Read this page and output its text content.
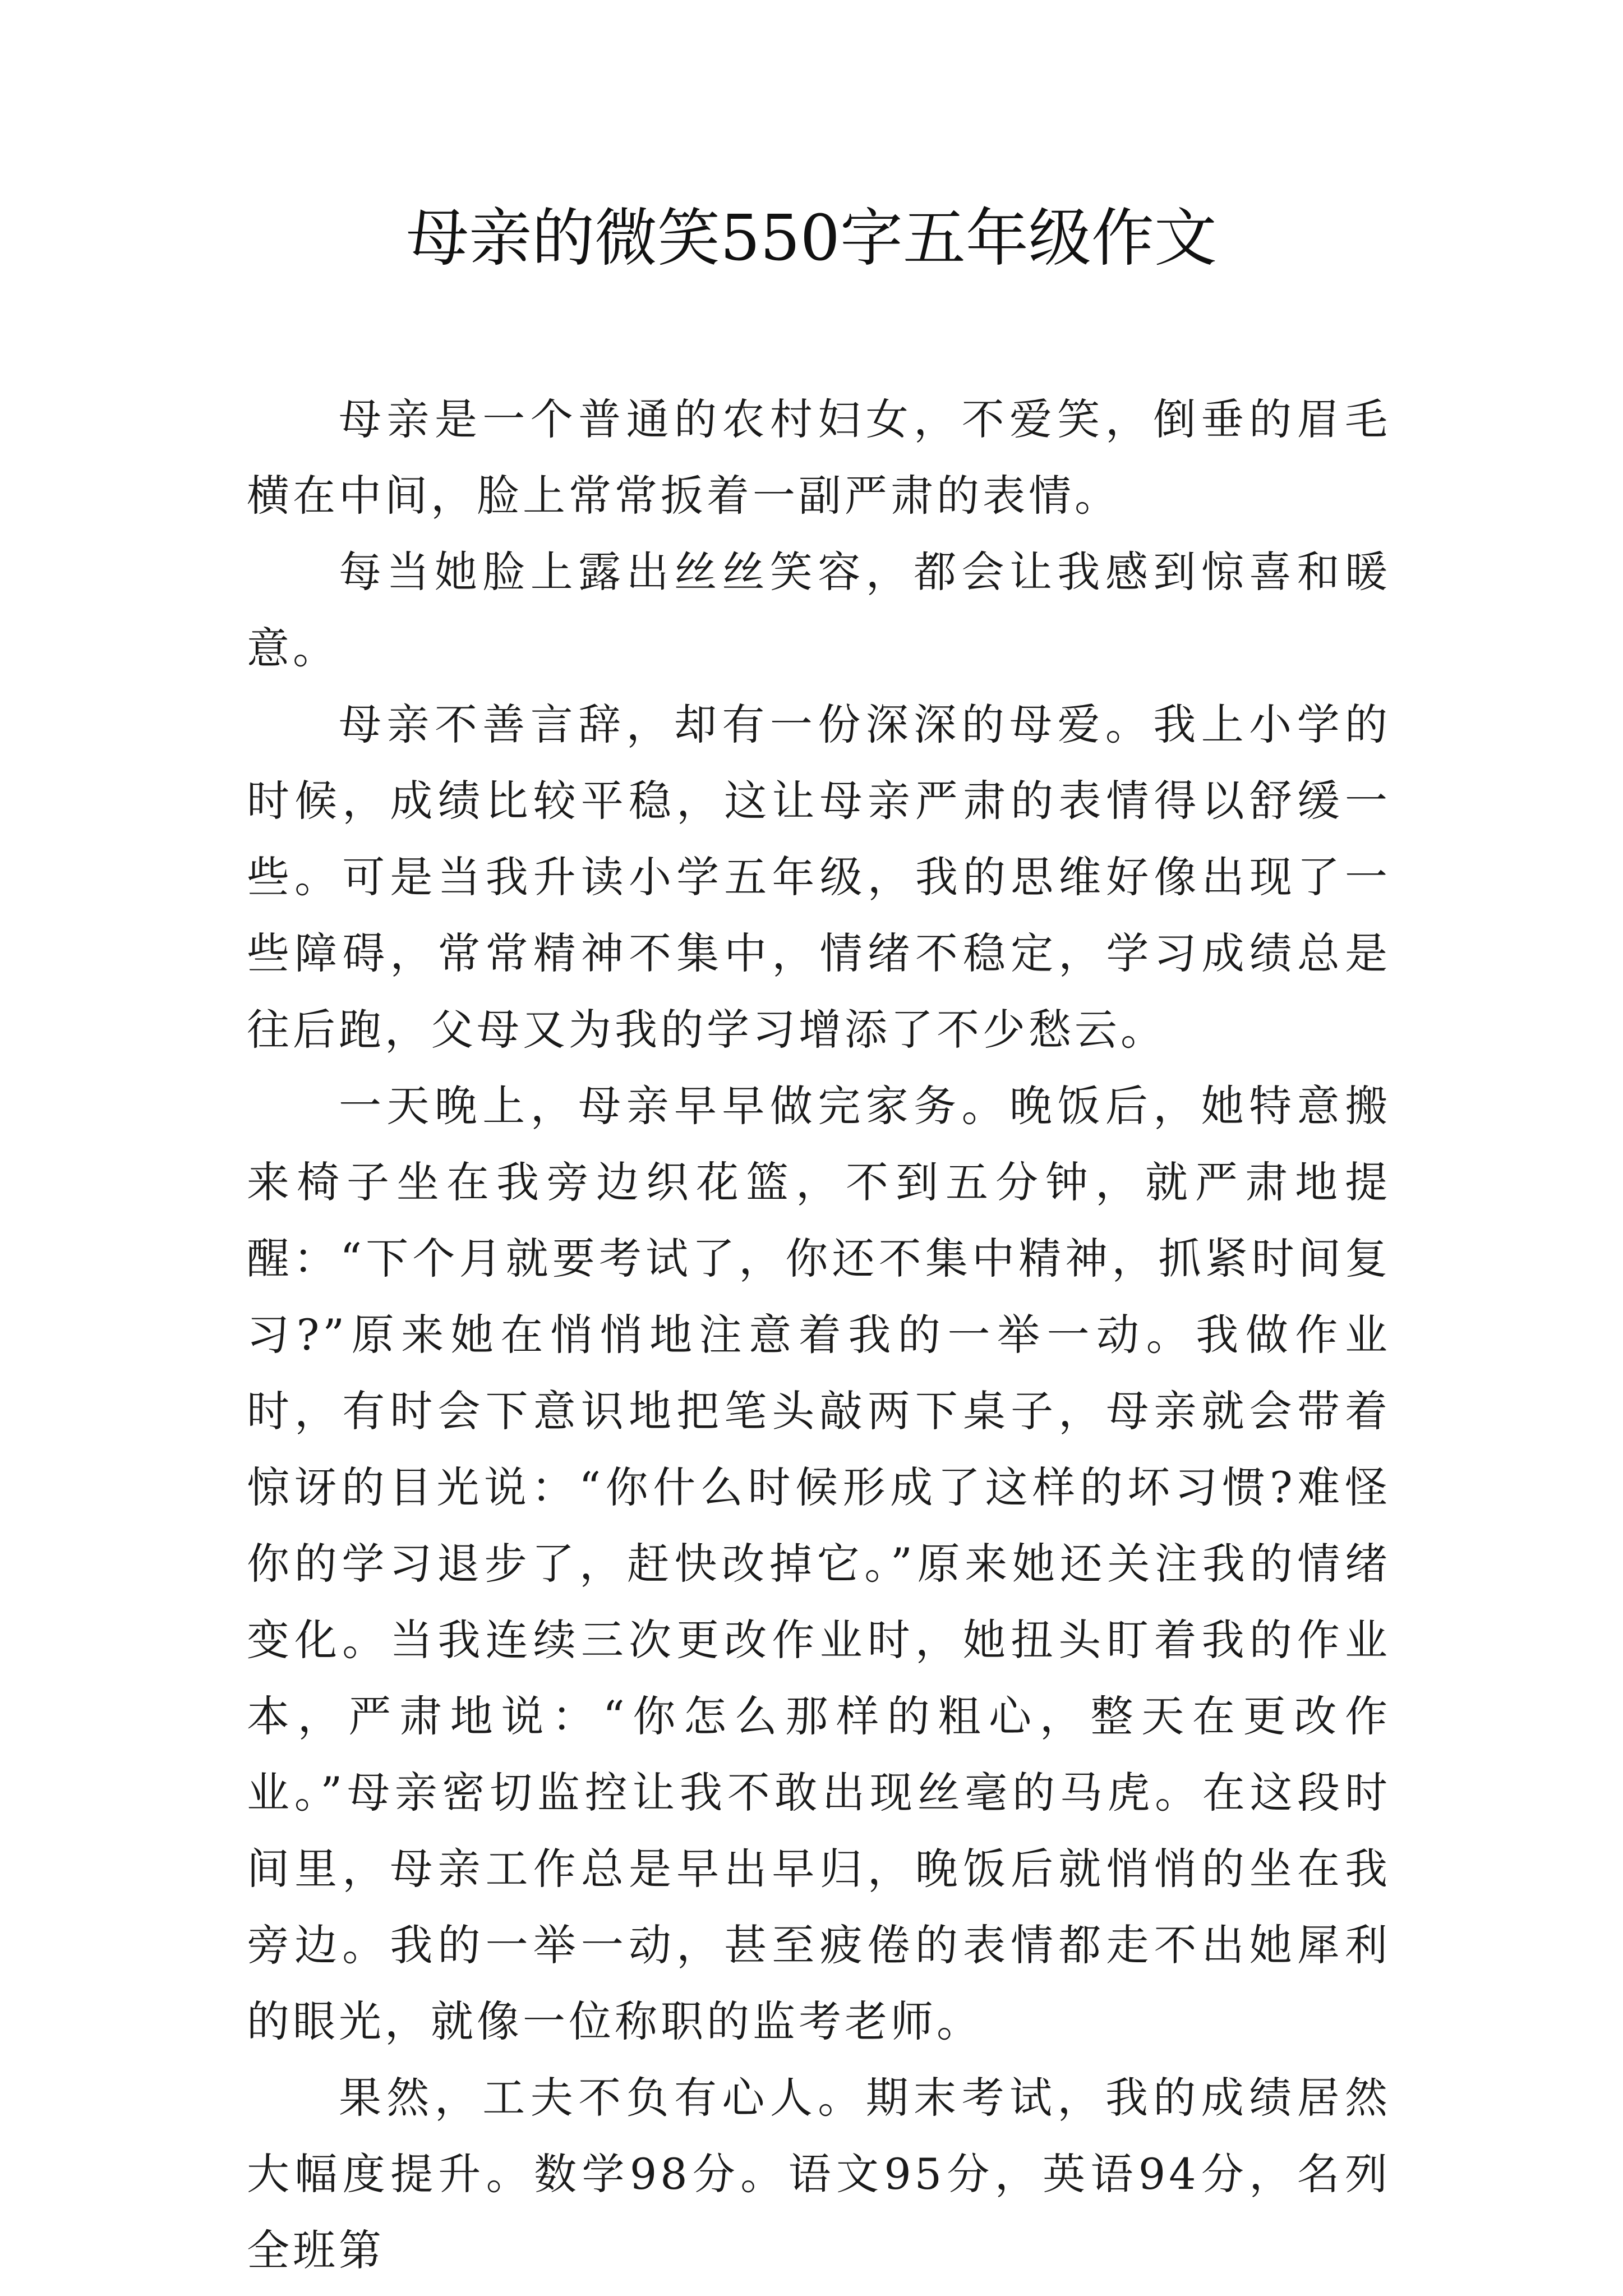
母亲的微笑550字五年级作文

母亲是一个普通的农村妇女，不爱笑，倒垂的眉毛横在中间，脸上常常扳着一副严肃的表情。

每当她脸上露出丝丝笑容，都会让我感到惊喜和暖意。

母亲不善言辞，却有一份深深的母爱。我上小学的时候，成绩比较平稳，这让母亲严肃的表情得以舒缓一些。可是当我升读小学五年级，我的思维好像出现了一些障碍，常常精神不集中，情绪不稳定，学习成绩总是往后跑，父母又为我的学习增添了不少愁云。

一天晚上，母亲早早做完家务。晚饭后，她特意搬来椅子坐在我旁边织花篮，不到五分钟，就严肃地提醒：“下个月就要考试了，你还不集中精神，抓紧时间复习?”原来她在悄悄地注意着我的一举一动。我做作业时，有时会下意识地把笔头敲两下桌子，母亲就会带着惊讶的目光说：“你什么时候形成了这样的坏习惯?难怪你的学习退步了，赶快改掉它。”原来她还关注我的情绪变化。当我连续三次更改作业时，她扭头盯着我的作业本，严肃地说：“你怎么那样的粗心，整天在更改作业。”母亲密切监控让我不敢出现丝毫的马虎。在这段时间里，母亲工作总是早出早归，晚饭后就悄悄的坐在我旁边。我的一举一动，甚至疲倦的表情都走不出她犀利的眼光，就像一位称职的监考老师。

果然，工夫不负有心人。期末考试，我的成绩居然大幅度提升。数学98分。语文95分，英语94分，名列全班第
